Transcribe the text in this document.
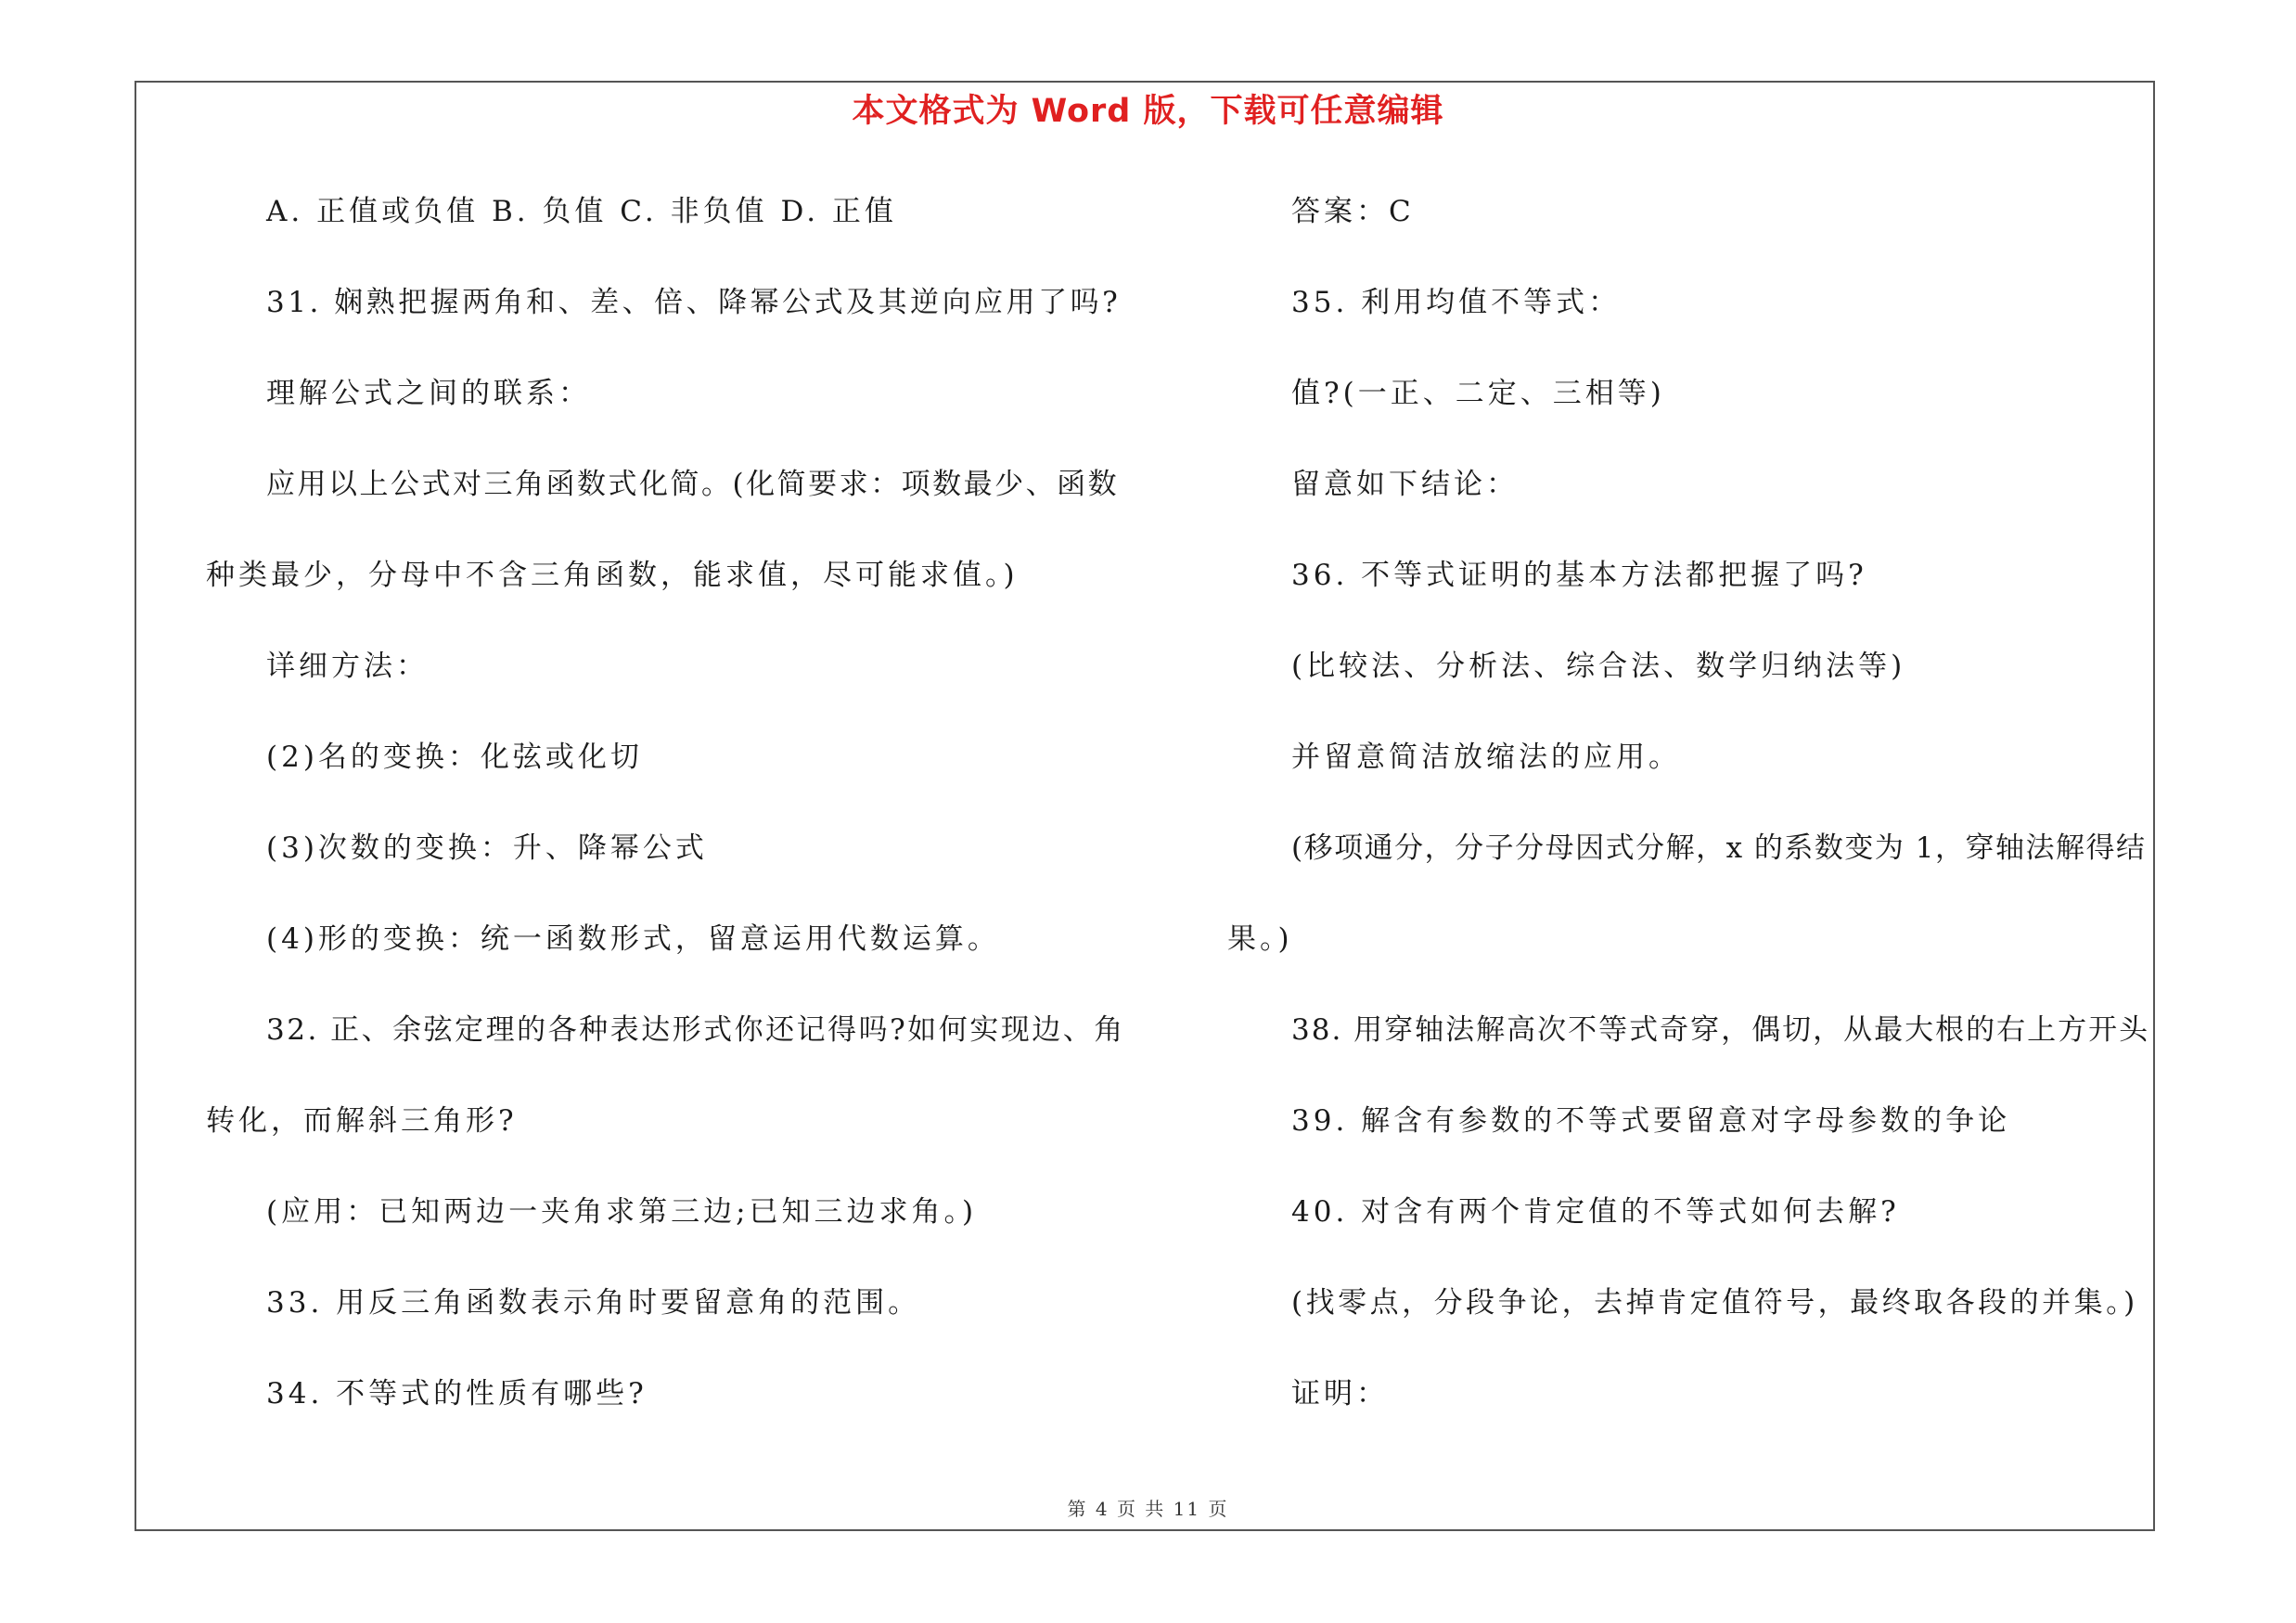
本文格式为 Word 版，下载可任意编辑
A. 正值或负值 B. 负值 C. 非负值 D. 正值
31. 娴熟把握两角和、差、倍、降幂公式及其逆向应用了吗?
理解公式之间的联系：
应用以上公式对三角函数式化简。(化简要求：项数最少、函数
种类最少，分母中不含三角函数，能求值，尽可能求值。)
详细方法：
(2)名的变换：化弦或化切
(3)次数的变换：升、降幂公式
(4)形的变换：统一函数形式，留意运用代数运算。
32. 正、余弦定理的各种表达形式你还记得吗?如何实现边、角
转化，而解斜三角形?
(应用：已知两边一夹角求第三边;已知三边求角。)
33. 用反三角函数表示角时要留意角的范围。
34. 不等式的性质有哪些?
答案：C
35. 利用均值不等式：
值?(一正、二定、三相等)
留意如下结论：
36. 不等式证明的基本方法都把握了吗?
(比较法、分析法、综合法、数学归纳法等)
并留意简洁放缩法的应用。
(移项通分，分子分母因式分解，x 的系数变为 1，穿轴法解得结
果。)
38. 用穿轴法解高次不等式奇穿，偶切，从最大根的右上方开头
39. 解含有参数的不等式要留意对字母参数的争论
40. 对含有两个肯定值的不等式如何去解?
(找零点，分段争论，去掉肯定值符号，最终取各段的并集。)
证明：
第 4 页 共 11 页
